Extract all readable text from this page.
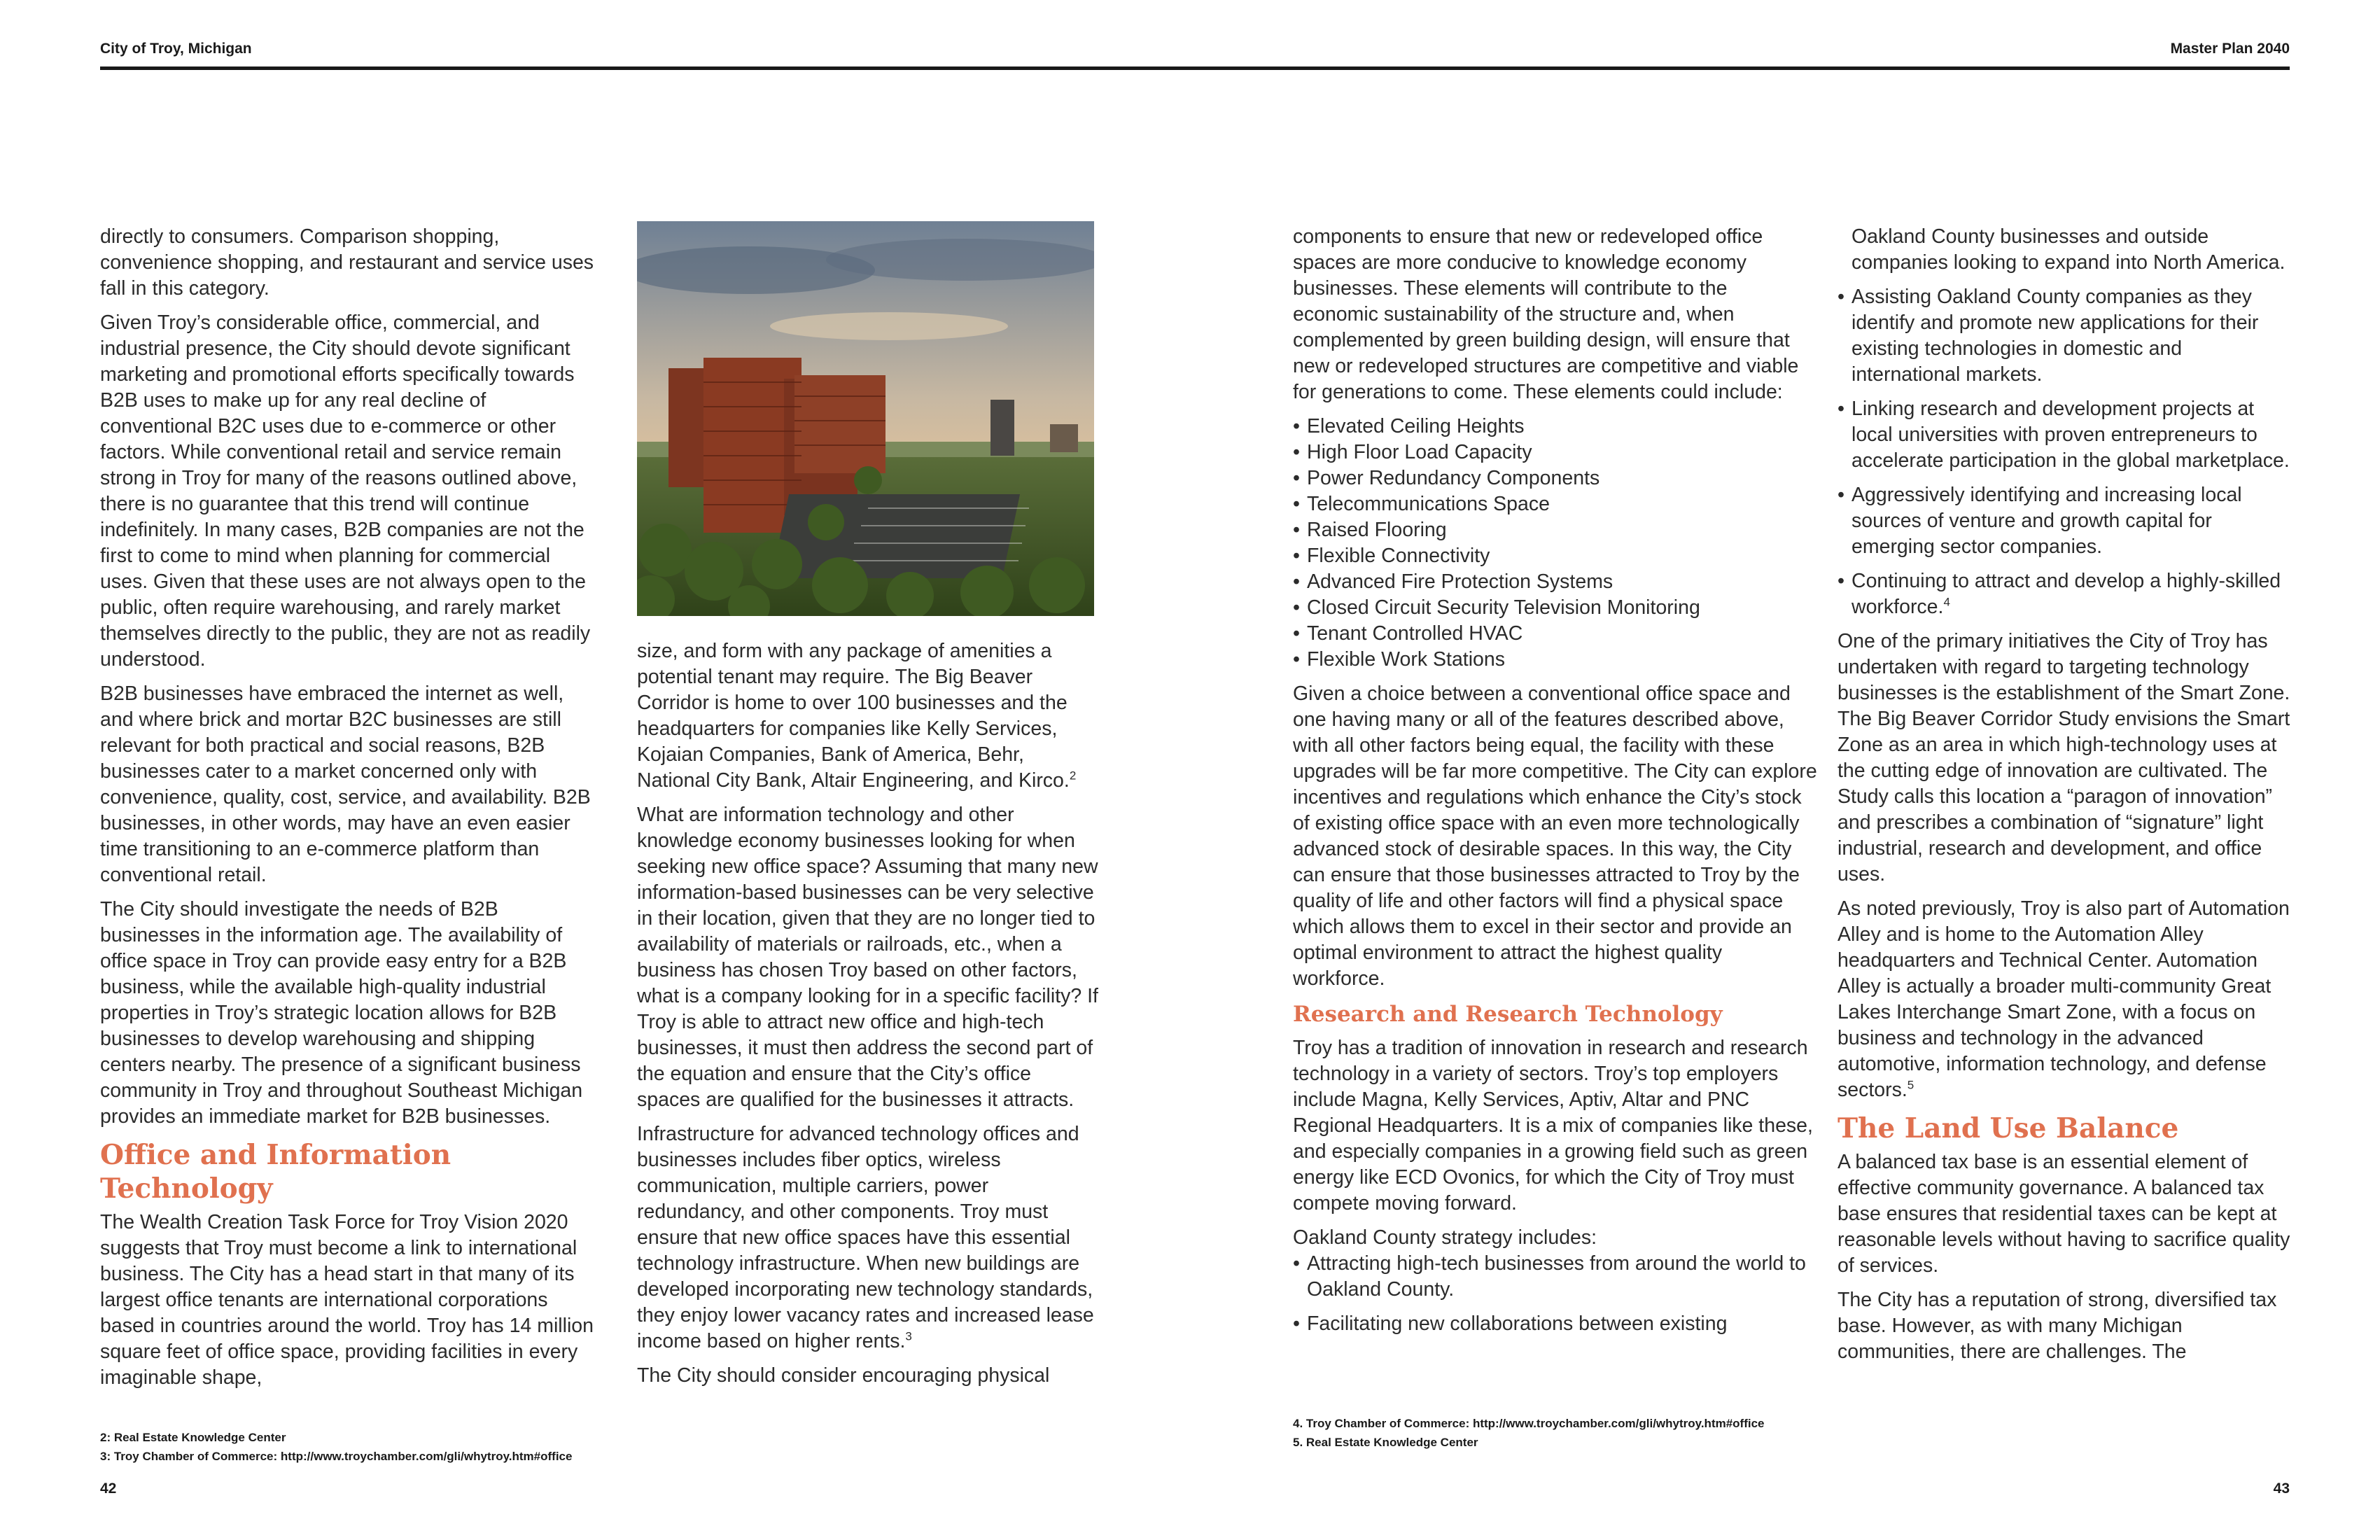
City of Troy, Michigan	Master Plan 2040

directly to consumers. Comparison shopping, convenience shopping, and restaurant and service uses fall in this category.

Given Troy’s considerable office, commercial, and industrial presence, the City should devote significant marketing and promotional efforts specifically towards B2B uses to make up for any real decline of conventional B2C uses due to e-commerce or other factors. While conventional retail and service remain strong in Troy for many of the reasons outlined above, there is no guarantee that this trend will continue indefinitely. In many cases, B2B companies are not the first to come to mind when planning for commercial uses. Given that these uses are not always open to the public, often require warehousing, and rarely market themselves directly to the public, they are not as readily understood.

B2B businesses have embraced the internet as well, and where brick and mortar B2C businesses are still relevant for both practical and social reasons, B2B businesses cater to a market concerned only with convenience, quality, cost, service, and availability. B2B businesses, in other words, may have an even easier time transitioning to an e-commerce platform than conventional retail.

The City should investigate the needs of B2B businesses in the information age. The availability of office space in Troy can provide easy entry for a B2B business, while the available high-quality industrial properties in Troy’s strategic location allows for B2B businesses to develop warehousing and shipping centers nearby. The presence of a significant business community in Troy and throughout Southeast Michigan provides an immediate market for B2B businesses.

Office and Information Technology

The Wealth Creation Task Force for Troy Vision 2020 suggests that Troy must become a link to international business. The City has a head start in that many of its largest office tenants are international corporations based in countries around the world. Troy has 14 million square feet of office space, providing facilities in every imaginable shape,

2: Real Estate Knowledge Center
3: Troy Chamber of Commerce: http://www.troychamber.com/gli/whytroy.htm#office

size, and form with any package of amenities a potential tenant may require. The Big Beaver Corridor is home to over 100 businesses and the headquarters for companies like Kelly Services, Kojaian Companies, Bank of America, Behr, National City Bank, Altair Engineering, and Kirco.$^2$

What are information technology and other knowledge economy businesses looking for when seeking new office space? Assuming that many new information-based businesses can be very selective in their location, given that they are no longer tied to availability of materials or railroads, etc., when a business has chosen Troy based on other factors, what is a company looking for in a specific facility? If Troy is able to attract new office and high-tech businesses, it must then address the second part of the equation and ensure that the City’s office spaces are qualified for the businesses it attracts.

Infrastructure for advanced technology offices and businesses includes fiber optics, wireless communication, multiple carriers, power redundancy, and other components. Troy must ensure that new office spaces have this essential technology infrastructure. When new buildings are developed incorporating new technology standards, they enjoy lower vacancy rates and increased lease income based on higher rents.$^3$

The City should consider encouraging physical

components to ensure that new or redeveloped office spaces are more conducive to knowledge economy businesses. These elements will contribute to the economic sustainability of the structure and, when complemented by green building design, will ensure that new or redeveloped structures are competitive and viable for generations to come. These elements could include:

• Elevated Ceiling Heights
• High Floor Load Capacity
• Power Redundancy Components
• Telecommunications Space
• Raised Flooring
• Flexible Connectivity
• Advanced Fire Protection Systems
• Closed Circuit Security Television Monitoring
• Tenant Controlled HVAC
• Flexible Work Stations

Given a choice between a conventional office space and one having many or all of the features described above, with all other factors being equal, the facility with these upgrades will be far more competitive. The City can explore incentives and regulations which enhance the City’s stock of existing office space with an even more technologically advanced stock of desirable spaces. In this way, the City can ensure that those businesses attracted to Troy by the quality of life and other factors will find a physical space which allows them to excel in their sector and provide an optimal environment to attract the highest quality workforce.

Research and Research Technology

Troy has a tradition of innovation in research and research technology in a variety of sectors. Troy’s top employers include Magna, Kelly Services, Aptiv, Altar and PNC Regional Headquarters. It is a mix of companies like these, and especially companies in a growing field such as green energy like ECD Ovonics, for which the City of Troy must compete moving forward.

Oakland County strategy includes:

• Attracting high-tech businesses from around the world to Oakland County.
• Facilitating new collaborations between existing
4. Troy Chamber of Commerce: http://www.troychamber.com/gli/whytroy.htm#office
5. Real Estate Knowledge Center

Oakland County businesses and outside companies looking to expand into North America.

• Assisting Oakland County companies as they identify and promote new applications for their existing technologies in domestic and international markets.
• Linking research and development projects at local universities with proven entrepreneurs to accelerate participation in the global marketplace.
• Aggressively identifying and increasing local sources of venture and growth capital for emerging sector companies.
• Continuing to attract and develop a highly-skilled workforce.$^4$

One of the primary initiatives the City of Troy has undertaken with regard to targeting technology businesses is the establishment of the Smart Zone. The Big Beaver Corridor Study envisions the Smart Zone as an area in which high-technology uses at the cutting edge of innovation are cultivated. The Study calls this location a “paragon of innovation” and prescribes a combination of “signature” light industrial, research and development, and office uses.

As noted previously, Troy is also part of Automation Alley and is home to the Automation Alley headquarters and Technical Center. Automation Alley is actually a broader multi-community Great Lakes Interchange Smart Zone, with a focus on business and technology in the advanced automotive, information technology, and defense sectors.$^5$

The Land Use Balance

A balanced tax base is an essential element of effective community governance. A balanced tax base ensures that residential taxes can be kept at reasonable levels without having to sacrifice quality of services.

The City has a reputation of strong, diversified tax base. However, as with many Michigan communities, there are challenges. The

42	43
